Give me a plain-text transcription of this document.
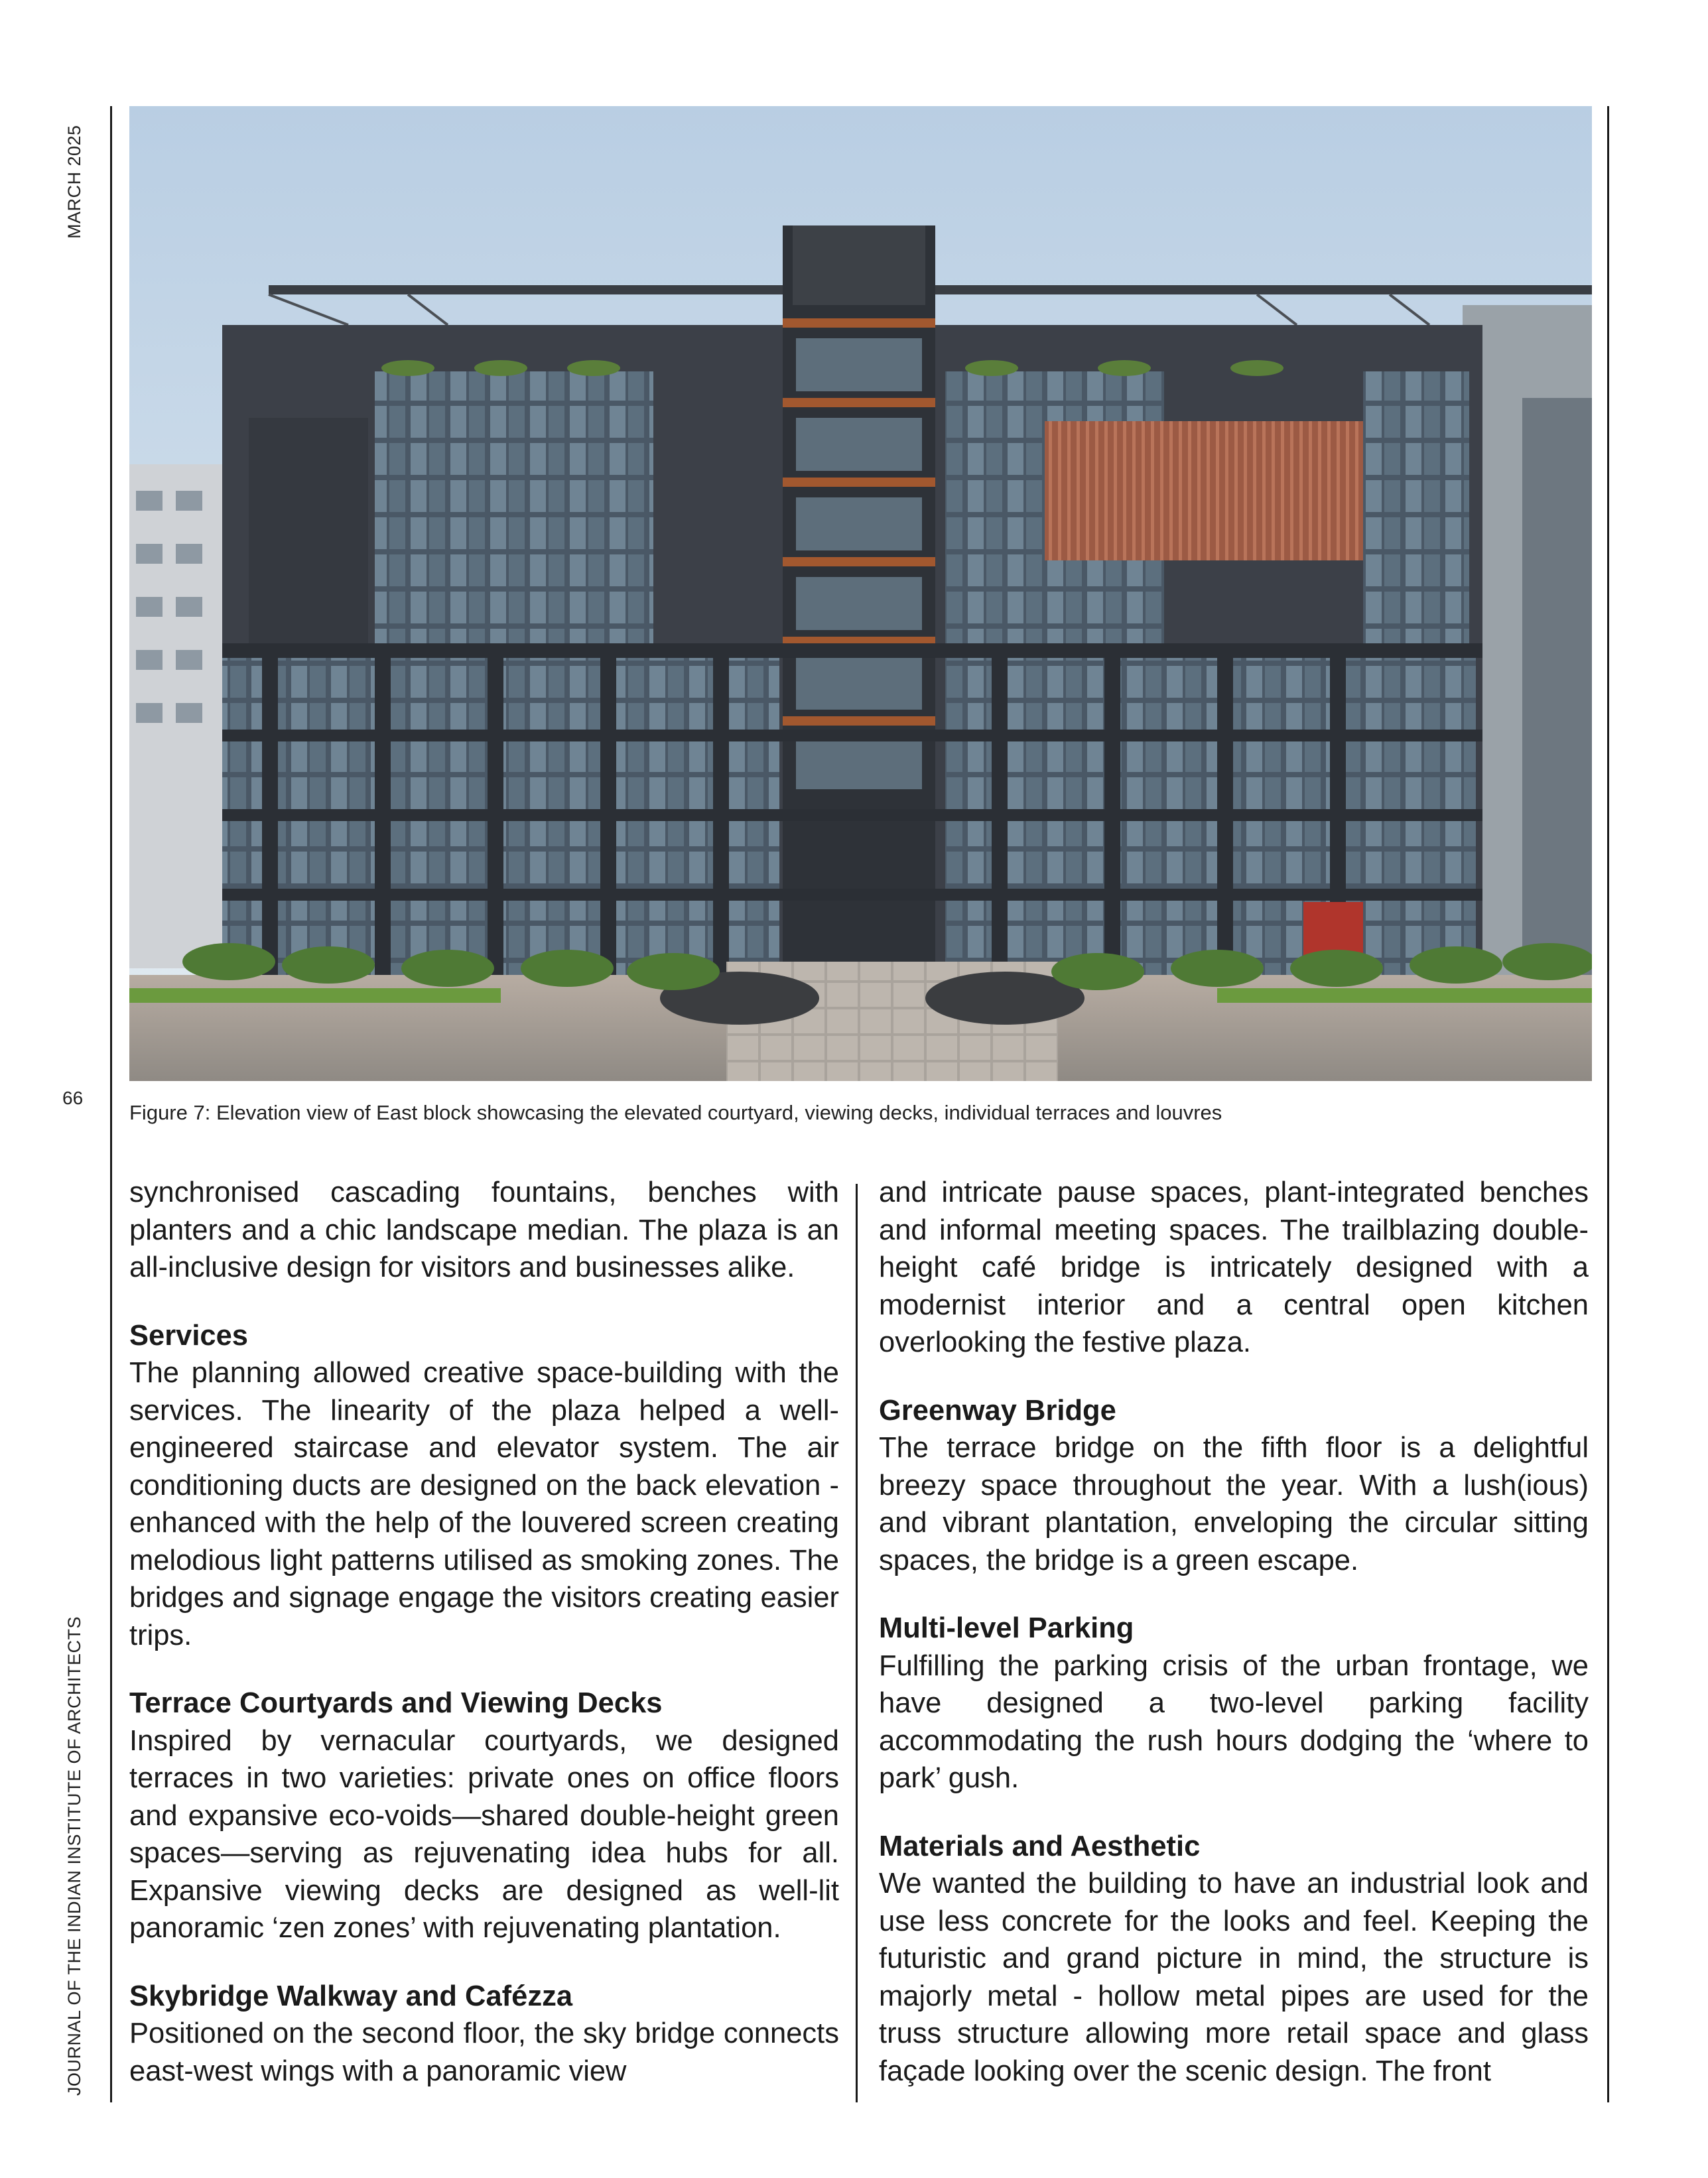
MARCH 2025
JOURNAL OF THE INDIAN INSTITUTE OF ARCHITECTS
66
Figure 7: Elevation view of East block showcasing the elevated courtyard, viewing decks, individual terraces and louvres

synchronised cascading fountains, benches with planters and a chic landscape median. The plaza is an all-inclusive design for visitors and businesses alike.

Services

The planning allowed creative space-building with the services. The linearity of the plaza helped a well-engineered staircase and elevator system. The air conditioning ducts are designed on the back elevation - enhanced with the help of the louvered screen creating melodious light patterns utilised as smoking zones. The bridges and signage engage the visitors creating easier trips.

Terrace Courtyards and Viewing Decks

Inspired by vernacular courtyards, we designed terraces in two varieties: private ones on office floors and expansive eco-voids—shared double-height green spaces—serving as rejuvenating idea hubs for all. Expansive viewing decks are designed as well-lit panoramic ‘zen zones’ with rejuvenating plantation.

Skybridge Walkway and Cafézza

Positioned on the second floor, the sky bridge connects east-west wings with a panoramic view

and intricate pause spaces, plant-integrated benches and informal meeting spaces. The trailblazing double-height café bridge is intricately designed with a modernist interior and a central open kitchen overlooking the festive plaza.

Greenway Bridge

The terrace bridge on the fifth floor is a delightful breezy space throughout the year. With a lush(ious) and vibrant plantation, enveloping the circular sitting spaces, the bridge is a green escape.

Multi-level Parking

Fulfilling the parking crisis of the urban frontage, we have designed a two-level parking facility accommodating the rush hours dodging the ‘where to park’ gush.

Materials and Aesthetic

We wanted the building to have an industrial look and use less concrete for the looks and feel. Keeping the futuristic and grand picture in mind, the structure is majorly metal - hollow metal pipes are used for the truss structure allowing more retail space and glass façade looking over the scenic design. The front
